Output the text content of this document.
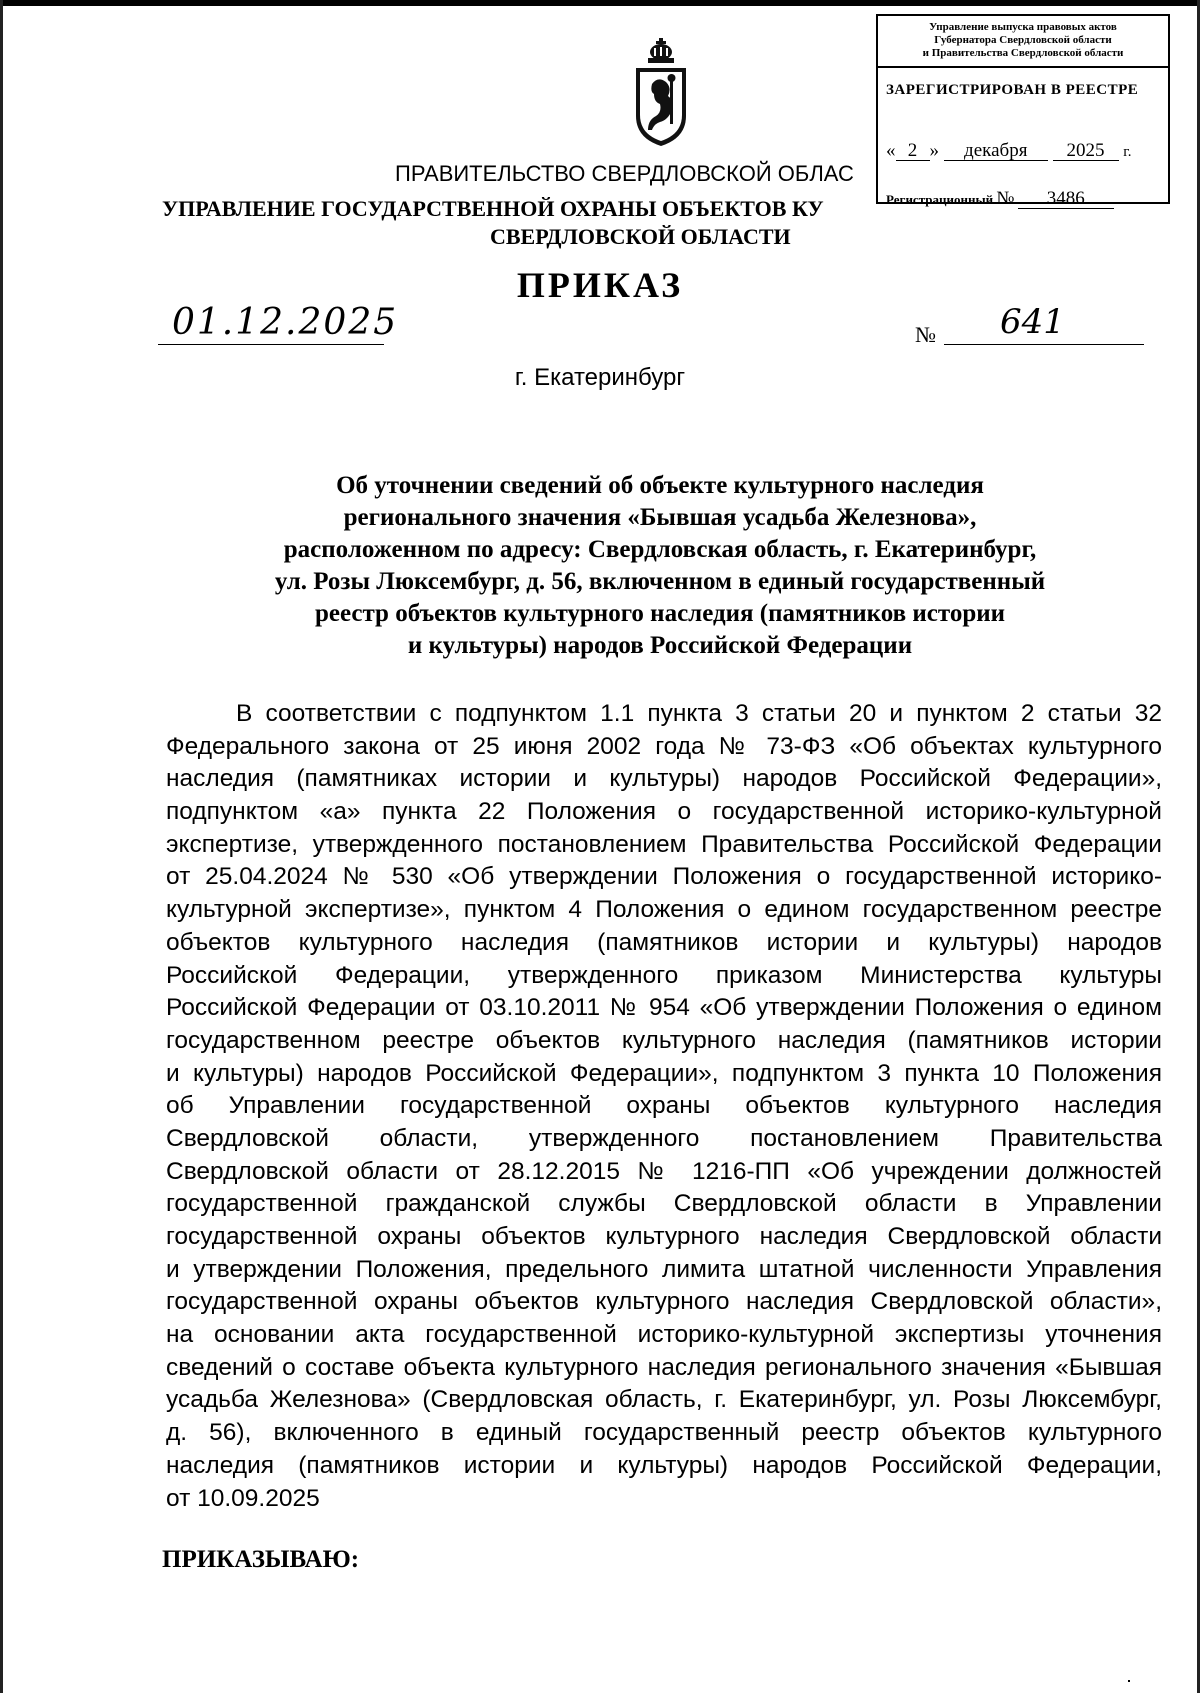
Управление выпуска правовых актов
Губернатора Свердловской области
и Правительства Свердловской области
ЗАРЕГИСТРИРОВАН В РЕЕСТРЕ
« 2 » декабря 2025 г.
Регистрационный № 3486
ПРАВИТЕЛЬСТВО СВЕРДЛОВСКОЙ ОБЛАС
УПРАВЛЕНИЕ ГОСУДАРСТВЕННОЙ ОХРАНЫ ОБЪЕКТОВ КУ
СВЕРДЛОВСКОЙ ОБЛАСТИ
ПРИКАЗ
01.12.2025	№ 641
г. Екатеринбург
Об уточнении сведений об объекте культурного наследия
регионального значения «Бывшая усадьба Железнова»,
расположенном по адресу: Свердловская область, г. Екатеринбург,
ул. Розы Люксембург, д. 56, включенном в единый государственный
реестр объектов культурного наследия (памятников истории
и культуры) народов Российской Федерации
В соответствии с подпунктом 1.1 пункта 3 статьи 20 и пунктом 2 статьи 32
Федерального закона от 25 июня 2002 года № 73-ФЗ «Об объектах культурного
наследия (памятниках истории и культуры) народов Российской Федерации»,
подпунктом «а» пункта 22 Положения о государственной историко-культурной
экспертизе, утвержденного постановлением Правительства Российской Федерации
от 25.04.2024 № 530 «Об утверждении Положения о государственной историко-
культурной экспертизе», пунктом 4 Положения о едином государственном реестре
объектов культурного наследия (памятников истории и культуры) народов
Российской Федерации, утвержденного приказом Министерства культуры
Российской Федерации от 03.10.2011 № 954 «Об утверждении Положения о едином
государственном реестре объектов культурного наследия (памятников истории
и культуры) народов Российской Федерации», подпунктом 3 пункта 10 Положения
об Управлении государственной охраны объектов культурного наследия
Свердловской области, утвержденного постановлением Правительства
Свердловской области от 28.12.2015 № 1216-ПП «Об учреждении должностей
государственной гражданской службы Свердловской области в Управлении
государственной охраны объектов культурного наследия Свердловской области
и утверждении Положения, предельного лимита штатной численности Управления
государственной охраны объектов культурного наследия Свердловской области»,
на основании акта государственной историко-культурной экспертизы уточнения
сведений о составе объекта культурного наследия регионального значения «Бывшая
усадьба Железнова» (Свердловская область, г. Екатеринбург, ул. Розы Люксембург,
д. 56), включенного в единый государственный реестр объектов культурного
наследия (памятников истории и культуры) народов Российской Федерации,
от 10.09.2025
ПРИКАЗЫВАЮ:
